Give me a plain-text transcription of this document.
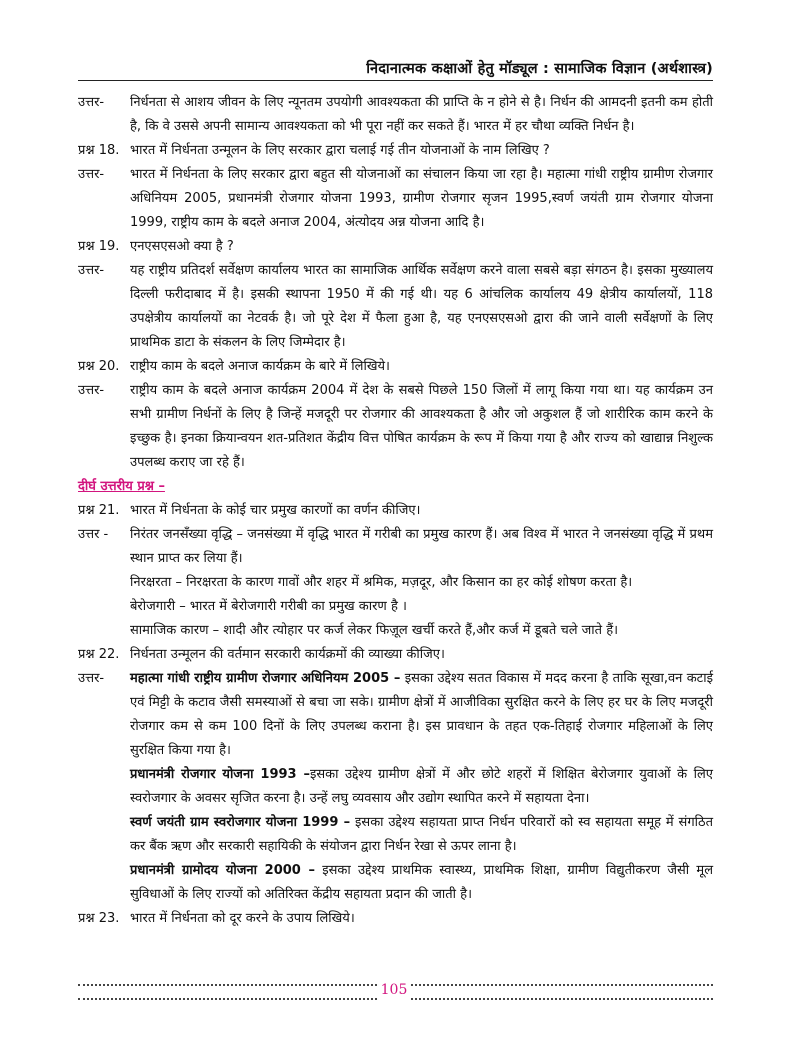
निदानात्मक कक्षाओं हेतु मॉड्यूल : सामाजिक विज्ञान (अर्थशास्त्र)
उत्तर-	निर्धनता से आशय जीवन के लिए न्यूनतम उपयोगी आवश्यकता की प्राप्ति के न होने से है। निर्धन की आमदनी इतनी कम होती है, कि वे उससे अपनी सामान्य आवश्यकता को भी पूरा नहीं कर सकते हैं। भारत में हर चौथा व्यक्ति निर्धन है।
प्रश्न 18. भारत में निर्धनता उन्मूलन के लिए सरकार द्वारा चलाई गई तीन योजनाओं के नाम लिखिए ?
उत्तर-	भारत में निर्धनता के लिए सरकार द्वारा बहुत सी योजनाओं का संचालन किया जा रहा है। महात्मा गांधी राष्ट्रीय ग्रामीण रोजगार अधिनियम 2005, प्रधानमंत्री रोजगार योजना 1993, ग्रामीण रोजगार सृजन 1995,स्वर्ण जयंती ग्राम रोजगार योजना 1999, राष्ट्रीय काम के बदले अनाज 2004, अंत्योदय अन्न योजना आदि है।
प्रश्न 19. एनएसएसओ क्या है ?
उत्तर-	यह राष्ट्रीय प्रतिदर्श सर्वेक्षण कार्यालय भारत का सामाजिक आर्थिक सर्वेक्षण करने वाला सबसे बड़ा संगठन है। इसका मुख्यालय दिल्ली फरीदाबाद में है। इसकी स्थापना 1950 में की गई थी। यह 6 आंचलिक कार्यालय 49 क्षेत्रीय कार्यालयों, 118 उपक्षेत्रीय कार्यालयों का नेटवर्क है। जो पूरे देश में फैला हुआ है, यह एनएसएसओ द्वारा की जाने वाली सर्वेक्षणों के लिए प्राथमिक डाटा के संकलन के लिए जिम्मेदार है।
प्रश्न 20. राष्ट्रीय काम के बदले अनाज कार्यक्रम के बारे में लिखिये।
उत्तर-	राष्ट्रीय काम के बदले अनाज कार्यक्रम 2004 में देश के सबसे पिछले 150 जिलों में लागू किया गया था। यह कार्यक्रम उन सभी ग्रामीण निर्धनों के लिए है जिन्हें मजदूरी पर रोजगार की आवश्यकता है और जो अकुशल हैं जो शारीरिक काम करने के इच्छुक है। इनका क्रियान्वयन शत-प्रतिशत केंद्रीय वित्त पोषित कार्यक्रम के रूप में किया गया है और राज्य को खाद्यान्न निशुल्क उपलब्ध कराए जा रहे हैं।
दीर्घ उत्तरीय प्रश्न –
प्रश्न 21. भारत में निर्धनता के कोई चार प्रमुख कारणों का वर्णन कीजिए।
उत्तर -	निरंतर जनसँख्या वृद्धि – जनसंख्या में वृद्धि भारत में गरीबी का प्रमुख कारण हैं। अब विश्व में भारत ने जनसंख्या वृद्धि में प्रथम स्थान प्राप्त कर लिया हैं।
निरक्षरता – निरक्षरता के कारण गावों और शहर में श्रमिक, मज़दूर, और किसान का हर कोई शोषण करता है।
बेरोजगारी – भारत में बेरोजगारी गरीबी का प्रमुख कारण है ।
सामाजिक कारण – शादी और त्योहार पर कर्ज लेकर फिज़ूल खर्ची करते हैं,और कर्ज में डूबते चले जाते हैं।
प्रश्न 22. निर्धनता उन्मूलन की वर्तमान सरकारी कार्यक्रमों की व्याख्या कीजिए।
उत्तर-	महात्मा गांधी राष्ट्रीय ग्रामीण रोजगार अधिनियम 2005 – इसका उद्देश्य सतत विकास में मदद करना है ताकि सूखा,वन कटाई एवं मिट्टी के कटाव जैसी समस्याओं से बचा जा सके। ग्रामीण क्षेत्रों में आजीविका सुरक्षित करने के लिए हर घर के लिए मजदूरी रोजगार कम से कम 100 दिनों के लिए उपलब्ध कराना है। इस प्रावधान के तहत एक-तिहाई रोजगार महिलाओं के लिए सुरक्षित किया गया है।
प्रधानमंत्री रोजगार योजना 1993 –इसका उद्देश्य ग्रामीण क्षेत्रों में और छोटे शहरों में शिक्षित बेरोजगार युवाओं के लिए स्वरोजगार के अवसर सृजित करना है। उन्हें लघु व्यवसाय और उद्योग स्थापित करने में सहायता देना।
स्वर्ण जयंती ग्राम स्वरोजगार योजना 1999 – इसका उद्देश्य सहायता प्राप्त निर्धन परिवारों को स्व सहायता समूह में संगठित कर बैंक ऋण और सरकारी सहायिकी के संयोजन द्वारा निर्धन रेखा से ऊपर लाना है।
प्रधानमंत्री ग्रामोदय योजना 2000 – इसका उद्देश्य प्राथमिक स्वास्थ्य, प्राथमिक शिक्षा, ग्रामीण विद्युतीकरण जैसी मूल सुविधाओं के लिए राज्यों को अतिरिक्त केंद्रीय सहायता प्रदान की जाती है।
प्रश्न 23. भारत में निर्धनता को दूर करने के उपाय लिखिये।
105
